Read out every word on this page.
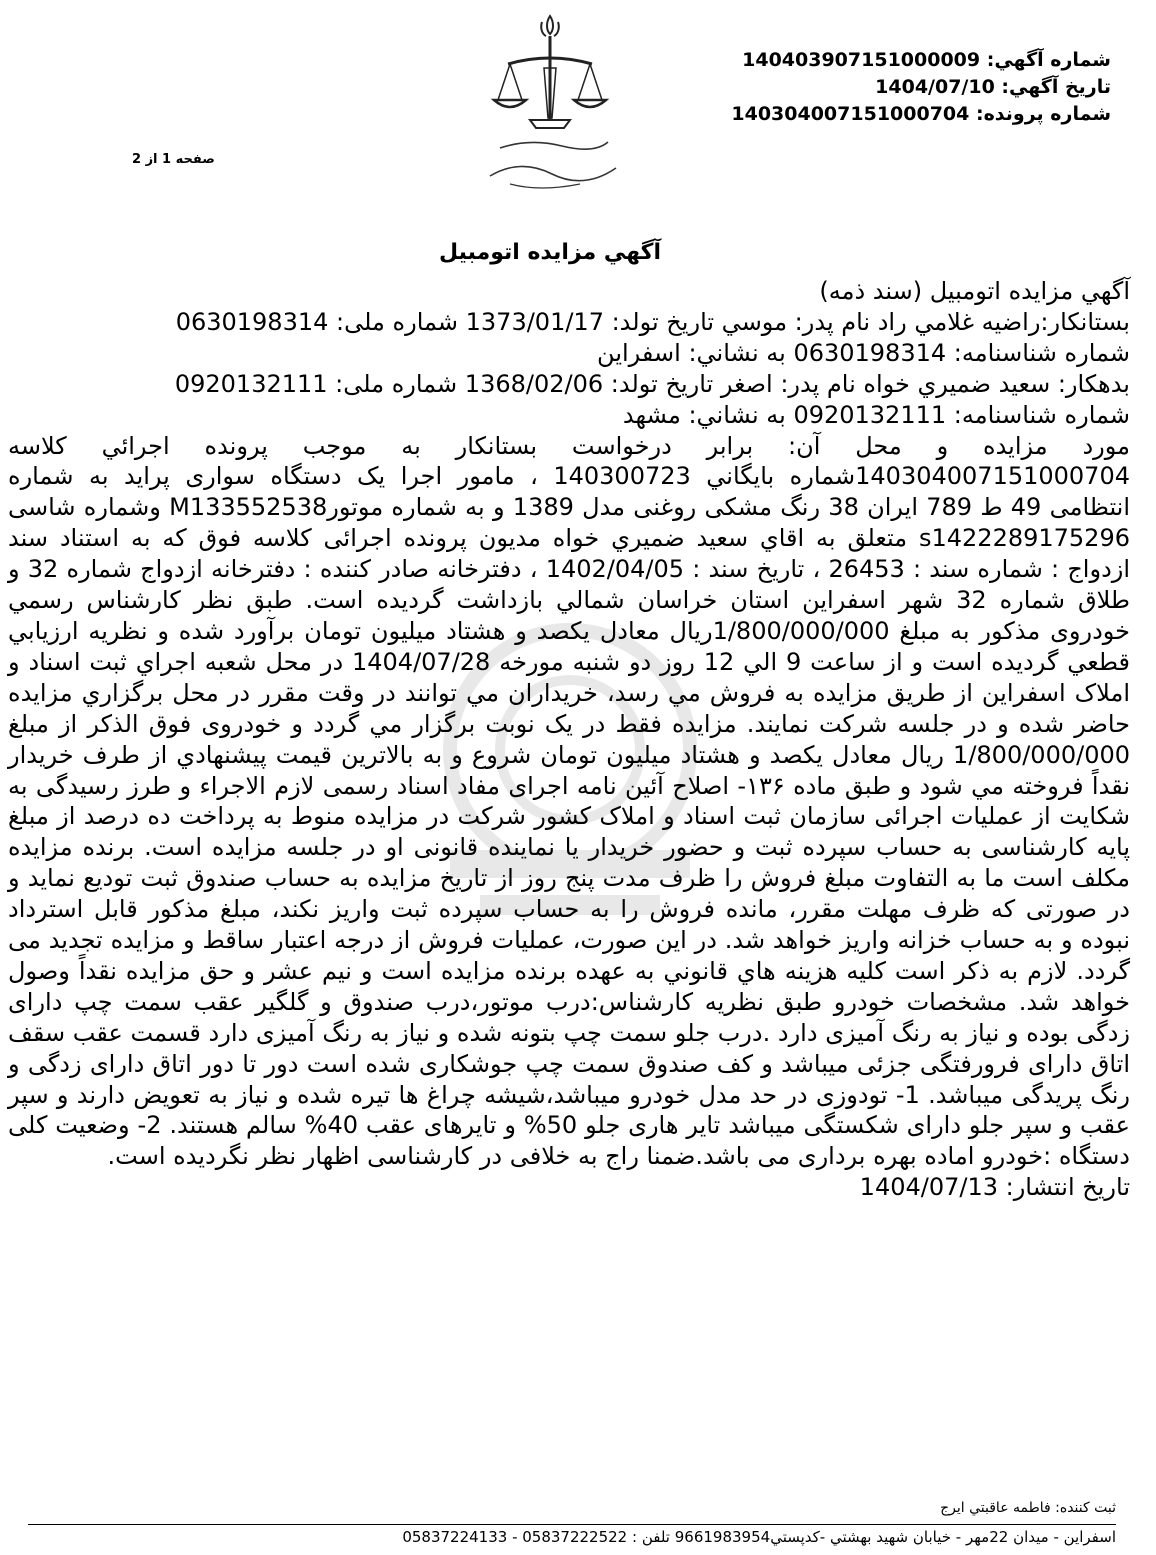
شماره آگهي: 14040390715100000​9
تاريخ آگهي: 1404/07/10
شماره پرونده: 140304007151000704
صفحه 1 از 2
آگهي مزايده اتومبيل

آگهي مزايده اتومبيل (سند ذمه)

بستانكار:راضيه غلامي راد نام پدر: موسي تاريخ تولد: 1373/01/17 شماره ملی: 0630198314

شماره شناسنامه: 0630198314 به نشاني: اسفراين

بدهكار: سعيد ضميري خواه نام پدر: اصغر تاريخ تولد: 1368/02/06 شماره ملی: 0920132111

شماره شناسنامه: 0920132111 به نشاني: مشهد

مورد مزايده و محل آن: برابر درخواست بستانكار به موجب پرونده اجرائي كلاسه 140304007151000704شماره بايگاني 140300723 ، مامور اجرا یک دستگاه سواری پراید به شماره انتظامی 49 ط 789 ایران 38 رنگ مشکی روغنی مدل 1389 و به شماره موتورM133552538 وشماره شاسی s1422289175296 متعلق به اقاي سعيد ضميري خواه مديون پرونده اجرائی كلاسه فوق كه به استناد سند ازدواج : شماره سند : 26453 ، تاريخ سند : 1402/04/05 ، دفترخانه صادر كننده : دفترخانه ازدواج شماره 32 و طلاق شماره 32 شهر اسفراين استان خراسان شمالي بازداشت گرديده است. طبق نظر كارشناس رسمي خودروی مذكور به مبلغ 1/800/000/000ريال معادل يكصد و هشتاد ميليون تومان برآورد شده و نظريه ارزيابي قطعي گرديده است و از ساعت 9 الي 12 روز دو شنبه مورخه 1404/07/28 در محل شعبه اجراي ثبت اسناد و املاک اسفراين از طريق مزايده به فروش مي رسد، خريداران مي توانند در وقت مقرر در محل برگزاري مزايده حاضر شده و در جلسه شركت نمايند. مزايده فقط در يک نوبت برگزار مي گردد و خودروی فوق الذكر از مبلغ 1/800/000/000 ريال معادل يكصد و هشتاد ميليون تومان شروع و به بالاترين قيمت پيشنهادي از طرف خريدار نقداً فروخته مي شود و طبق ماده ۱۳۶- اصلاح آئين نامه اجرای مفاد اسناد رسمی لازم الاجراء و طرز رسیدگی به شکایت از عملیات اجرائی سازمان ثبت اسناد و املاک کشور شرکت در مزایده منوط به پرداخت ده درصد از مبلغ پایه کارشناسی به حساب سپرده ثبت و حضور خریدار یا نماینده قانونی او در جلسه مزایده است. برنده مزایده مکلف است ما به التفاوت مبلغ فروش را ظرف مدت پنج روز از تاریخ مزایده به حساب صندوق ثبت تودیع نماید و در صورتی که ظرف مهلت مقرر، مانده فروش را به حساب سپرده ثبت واریز نکند، مبلغ مذکور قابل استرداد نبوده و به حساب خزانه واریز خواهد شد. در این صورت، عملیات فروش از درجه اعتبار ساقط و مزایده تجدید می گردد. لازم به ذكر است كليه هزينه هاي قانوني به عهده برنده مزايده است و نيم عشر و حق مزايده نقداً وصول خواهد شد. مشخصات خودرو طبق نظريه كارشناس:درب موتور،درب صندوق و گلگیر عقب سمت چپ دارای زدگی بوده و نیاز به رنگ آمیزی دارد .درب جلو سمت چپ بتونه شده و نیاز به رنگ آمیزی دارد قسمت عقب سقف اتاق دارای فرورفتگی جزئی میباشد و کف صندوق سمت چپ جوشکاری شده است دور تا دور اتاق دارای زدگی و رنگ پریدگی میباشد. 1- تودوزی در حد مدل خودرو میباشد،شیشه چراغ ها تیره شده و نیاز به تعویض دارند و سپر عقب و سپر جلو دارای شکستگی میباشد تایر هاری جلو 50% و تایرهای عقب 40% سالم هستند. 2- وضعیت کلی دستگاه :خودرو اماده بهره برداری می باشد.ضمنا راج به خلافی در کارشناسی اظهار نظر نگردیده است.

تاريخ انتشار: 1404/07/13

ثبت كننده: فاطمه عاقبتي ايرج
اسفراين - ميدان 22مهر - خيابان شهيد بهشتي -كدپستي9661983954 تلفن : 05837222522 - 05837224133
